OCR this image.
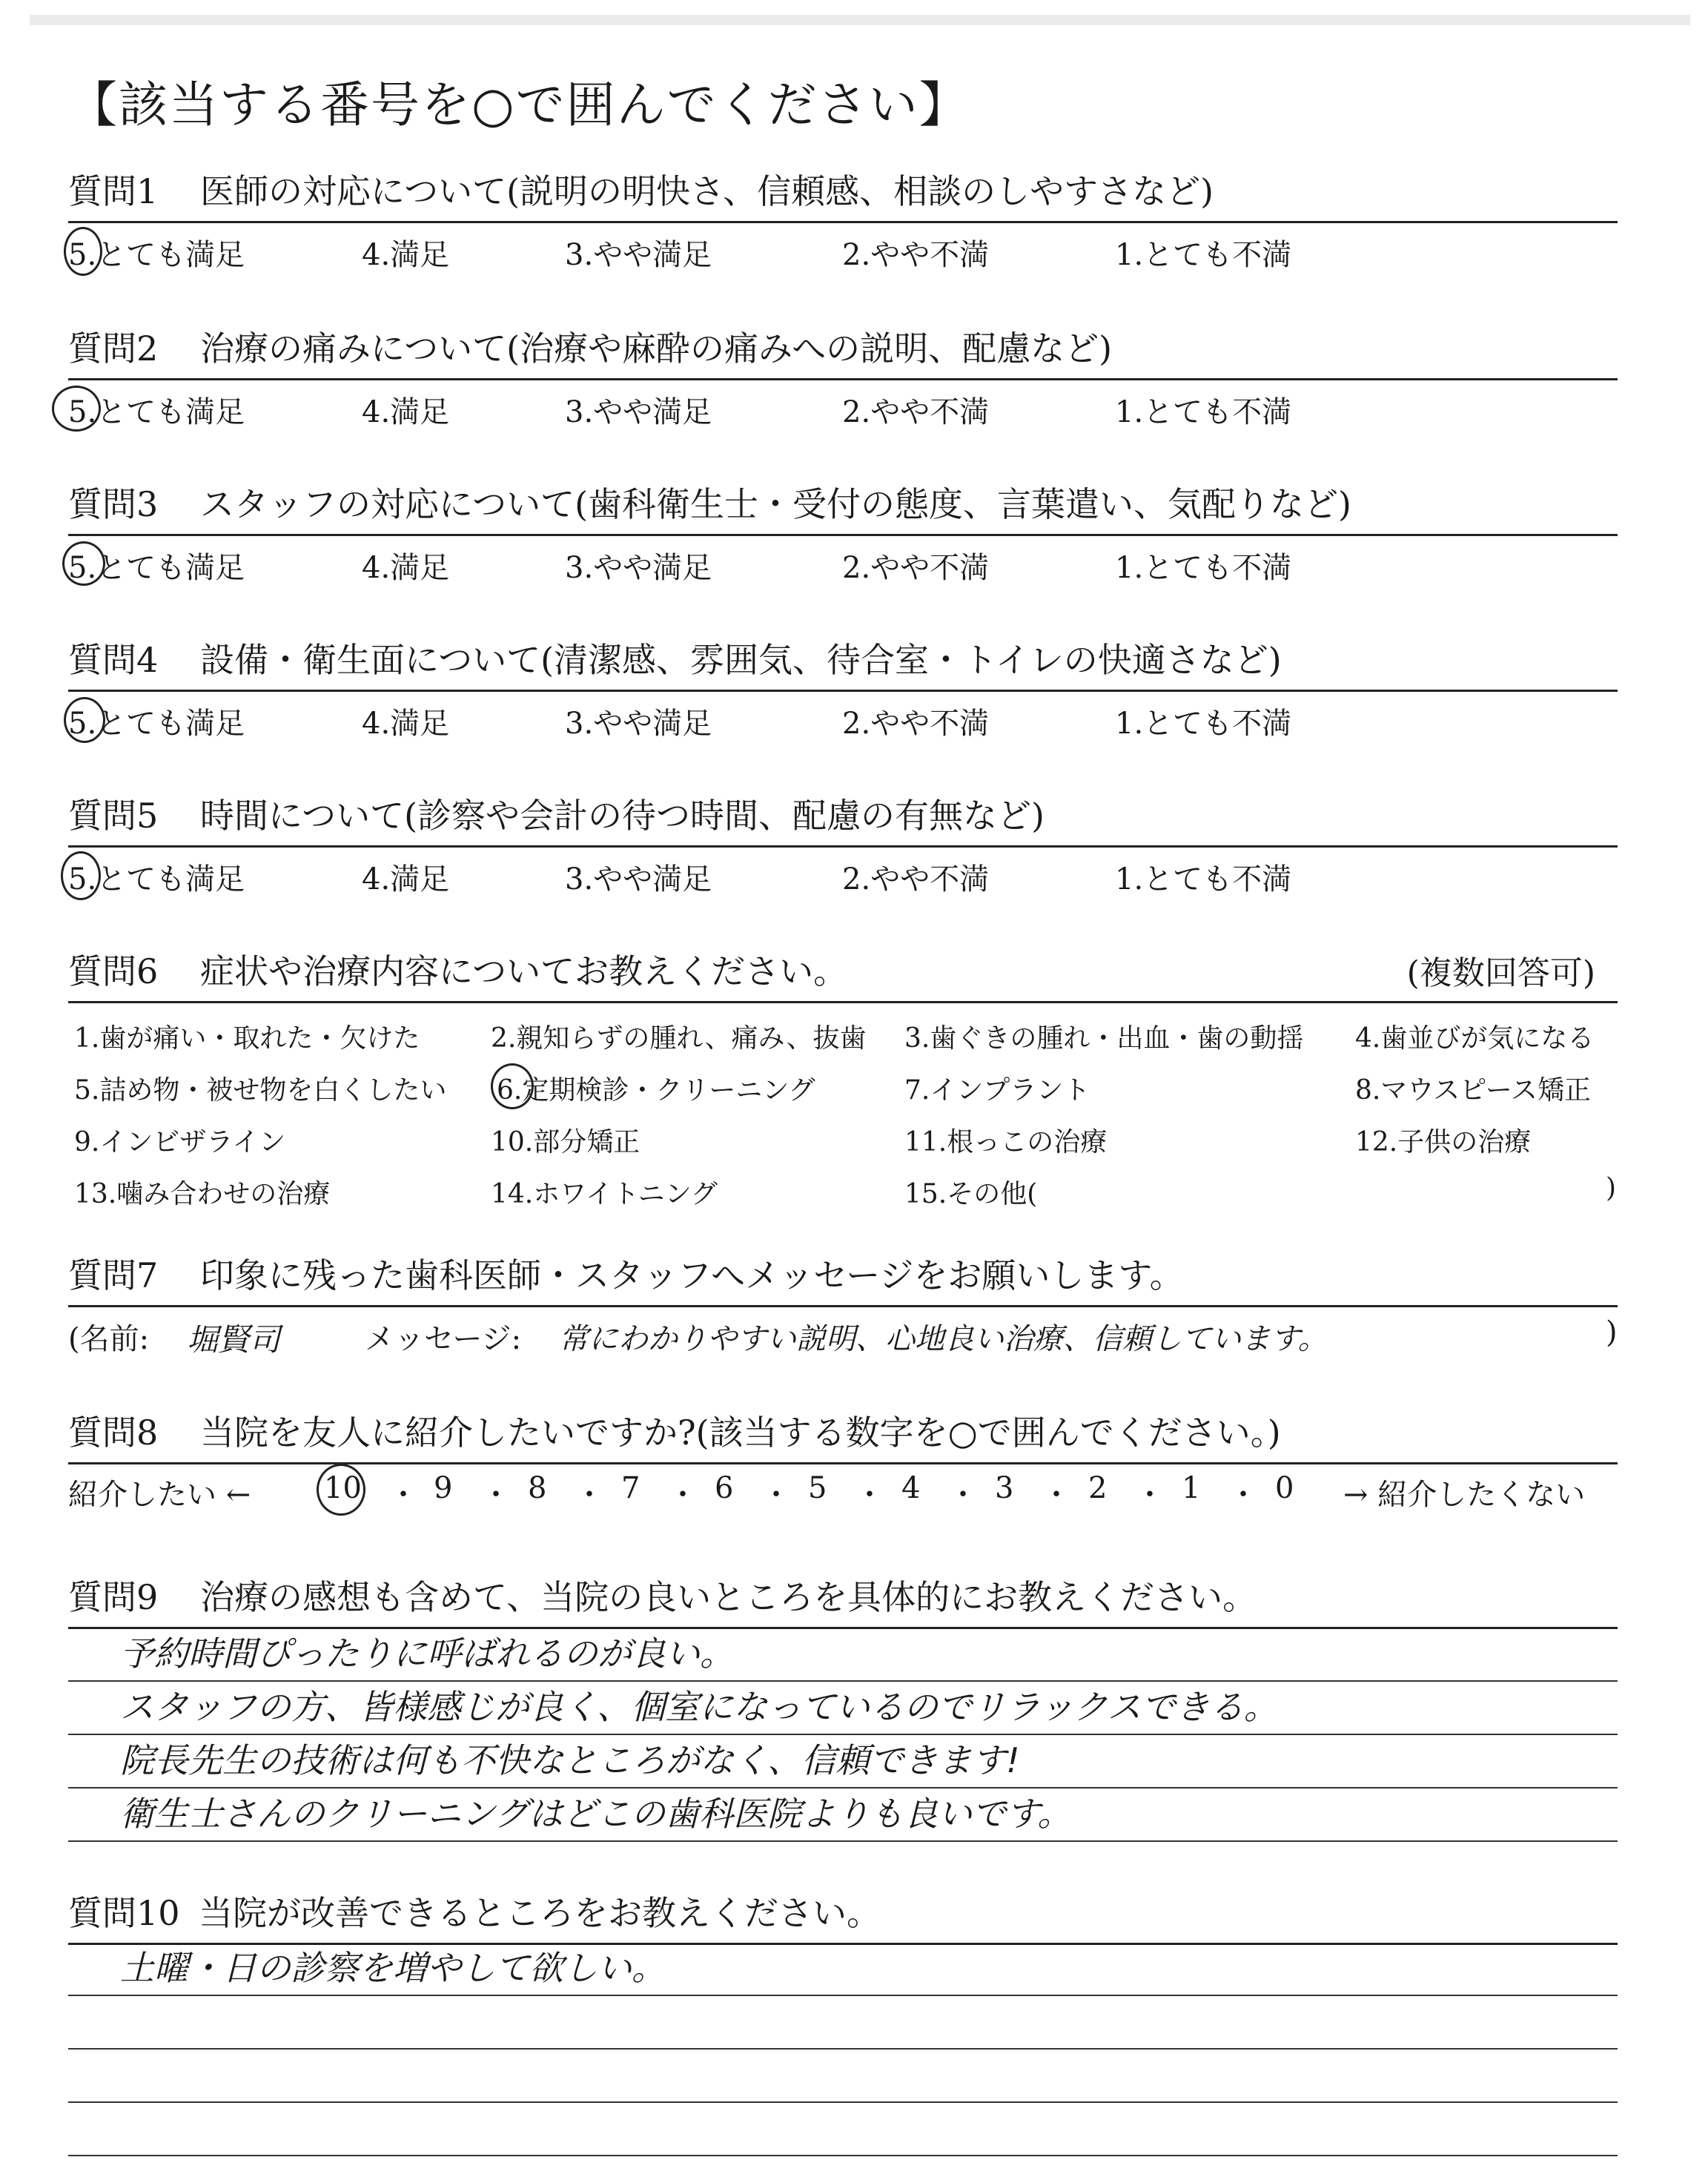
【該当する番号を○で囲んでください】
質問1 医師の対応について(説明の明快さ、信頼感、相談のしやすさなど)
5.とても満足	4.満足	3.やや満足	2.やや不満	1.とても不満
質問2 治療の痛みについて(治療や麻酔の痛みへの説明、配慮など)
5.とても満足	4.満足	3.やや満足	2.やや不満	1.とても不満
質問3 スタッフの対応について(歯科衛生士・受付の態度、言葉遣い、気配りなど)
5.とても満足	4.満足	3.やや満足	2.やや不満	1.とても不満
質問4 設備・衛生面について(清潔感、雰囲気、待合室・トイレの快適さなど)
5.とても満足	4.満足	3.やや満足	2.やや不満	1.とても不満
質問5 時間について(診察や会計の待つ時間、配慮の有無など)
5.とても満足	4.満足	3.やや満足	2.やや不満	1.とても不満
質問6 症状や治療内容についてお教えください。	(複数回答可)
1.歯が痛い・取れた・欠けた	2.親知らずの腫れ、痛み、抜歯 3.歯ぐきの腫れ・出血・歯の動揺 4.歯並びが気になる
5.詰め物・被せ物を白くしたい 6.定期検診・クリーニング	7.インプラント	8.マウスピース矯正
9.インビザライン	10.部分矯正	11.根っこの治療	12.子供の治療
13.噛み合わせの治療	14.ホワイトニング	15.その他(	)
質問7 印象に残った歯科医師・スタッフへメッセージをお願いします。
(名前: 堀賢司	メッセージ: 常にわかりやすい説明、心地良い治療、信頼しています。	)
質問8 当院を友人に紹介したいですか?(該当する数字を○で囲んでください。)
紹介したい ← 10 ・ 9 ・ 8 ・ 7 ・ 6 ・ 5 ・ 4 ・ 3 ・ 2 ・ 1 ・ 0 → 紹介したくない
質問9 治療の感想も含めて、当院の良いところを具体的にお教えください。
予約時間ぴったりに呼ばれるのが良い。
スタッフの方、皆様感じが良く、個室になっているのでリラックスできる。
院長先生の技術は何も不快なところがなく、信頼できます!
衛生士さんのクリーニングはどこの歯科医院よりも良いです。
質問10 当院が改善できるところをお教えください。
土曜・日の診察を増やして欲しい。
